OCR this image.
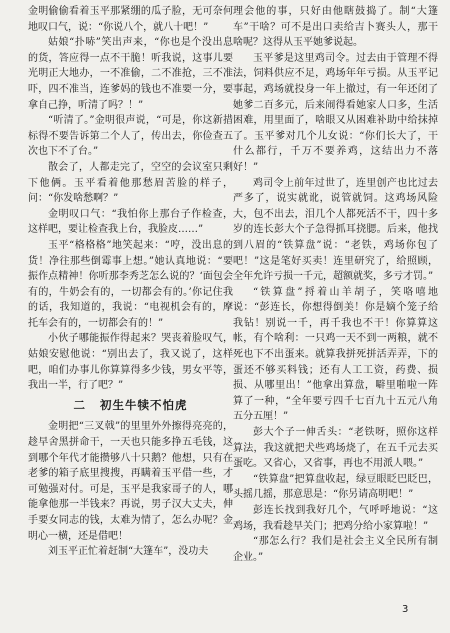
金明偷偷看着玉平那紧绷的瓜子脸，无可奈何地叹口气，说：“你说八个，就八十吧！”

姑娘“扑哧”笑出声来，“你也是个没出息的货，答应得一点不干脆！听我说，这事儿要光明正大地办，一不准偷，二不准抢，三不准吓，四不准当，连爹妈的钱也不准要一分，要拿自己挣，听清了吗？！”

“听清了。”金明很声说，“可是，你这新措标得不要告诉第二个人了，传出去，你俭查五次也下不了台。”

散会了，人都走完了，空空的会议室只剩下他俩。玉平看着他那愁眉苦脸的样子，问：“你发啥愁啊？”

金明叹口气：“我怕你上那台子作检查，这样吧，要让检查我上台，我脸皮……”

玉平“格格格”地笑起来：“哼，没出息的货！净往那些倒霉事上想。”她认真地说：“要振作点精神！你听那李秀芝怎么说的？‘面包会有的，牛奶会有的，一切都会有的。’你记住我的话，我知道的，我说：“电视机会有的，摩托车会有的，一切都会有的！”

小伙子哪能振作得起来？哭丧着脸叹气，姑娘安慰他说：“别出去了，我又说了，这样吧，咱们办事儿你算算得多少钱，男女平等，我出一半，行了吧？”

二 初生牛犊不怕虎

金明把“三叉戟”的里里外外擦得亮亮的，趁早舍黑拼命干，一天也只能多挣五毛钱，这到哪个年代才能攒够八十只鹅？他想，只有在老爹的箱子底里搜搜，再瞒着玉平借一些，才可勉强对付。可是，玉平是我家哥子的人，哪能拿他那一半钱来？再说，男子汉大丈夫，伸手要女同志的钱，太难为情了，怎么办呢？金明心一横，还是借吧！

刘玉平正忙着赶制“大篷车”，没功夫

理会他的事，只好由他瞎鼓捣了。制“大篷车”干啥？可不是出口卖给吉卜赛头人，那干啥呢？这得从玉平她爹说起。

玉平爹是这里鸡司令。过去由于管理不得法，饲料供应不足，鸡场年年亏损。从玉平记事起，鸡场就投身一年上撤过，有一年还闭了她爹二百多元，后来闹得看她家人口多，生活困难，用里面了，啥眼又从困难补助中给抹掉了。玉平爹对几个儿女说：“你们长大了，干什么都行，千万不要养鸡，这结出力不落好！”

鸡司令上前年过世了，连里创产也比过去严多了，说实就讹，说管就饲。这鸡场风险大，包不出去，泪几个人都死活不干，四十多岁的连长彭大个子急得抓耳挠腮。后来，他找到八眉的“铁算盘”说：“老铁，鸡场你包了吧！”这是笔好买卖！连里研究了，给照顾，全年允许亏损一千元，超额就奖，多亏才罚。”

“铁算盘”捋着山羊胡子，笑咯嘻地说：“彭连长，你想得倒美！你是嫡个笼子给我钻！别说一千，再千我也不干！你算算这帐，有个啥利：一只鸡一天不到一两粮，就不死也下不出蛋来。就算我拼死拼活弄弄，下的蛋还不够买料钱；还有人工工资，药费、损损、从哪里出！”他拿出算盘，噼里啪啦一阵算了一种，“全年要亏四千七百九十五元八角五分五厘！”

彭大个子一伸舌头：“老铁呀，照你这样算法，我这就把犬些鸡场烧了，在五千元去买蛋吃。又省心，又省事，再也不用派人喂。”

“铁算盘”把算盘收起，绿豆眼眨巴眨巴，头摇几摇，那意思是：“你另请高明吧！”

彭连长找到我好几个，气呼呼地说：“这鸡场，我看趁早关门；把鸡分给小家算啦！”

“那怎么行？我们是社会主义全民所有制企业。”

3
